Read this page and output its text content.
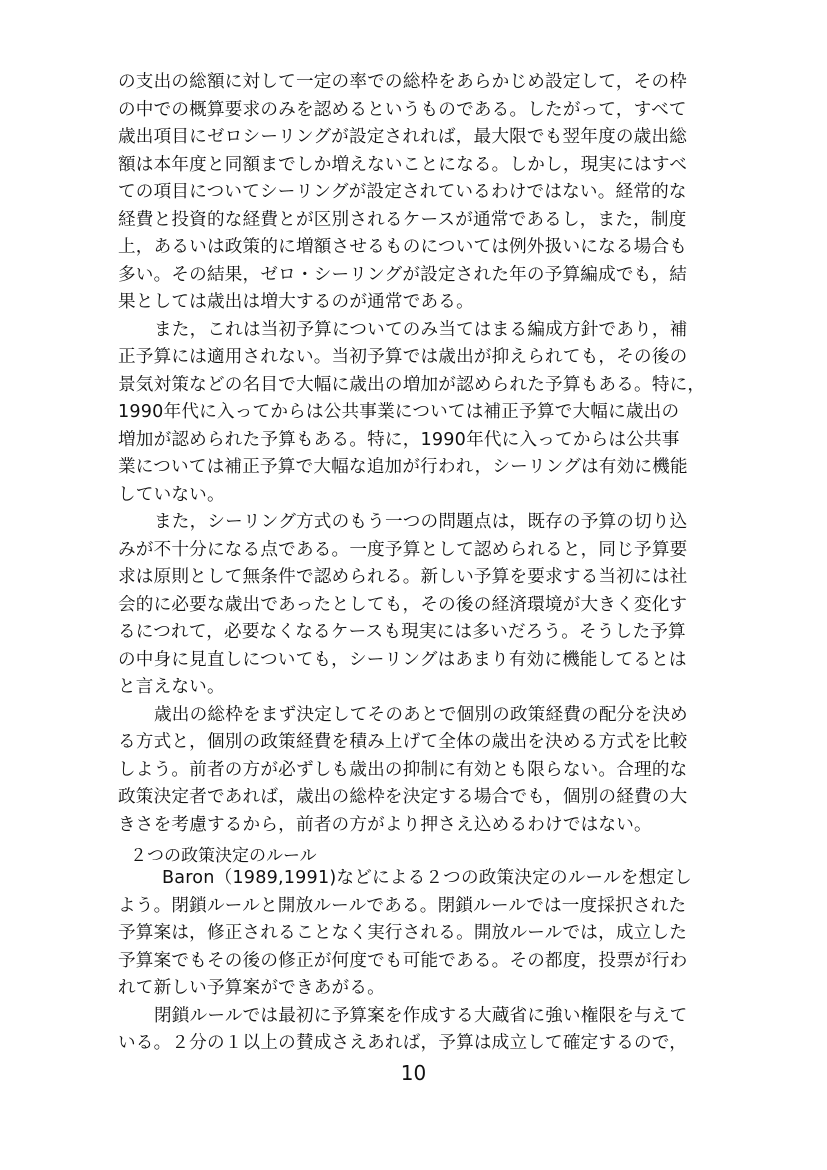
の支出の総額に対して一定の率での総枠をあらかじめ設定して，その枠
の中での概算要求のみを認めるというものである。したがって，すべて
歳出項目にゼロシーリングが設定されれば，最大限でも翌年度の歳出総
額は本年度と同額までしか増えないことになる。しかし，現実にはすべ
ての項目についてシーリングが設定されているわけではない。経常的な
経費と投資的な経費とが区別されるケースが通常であるし，また，制度
上，あるいは政策的に増額させるものについては例外扱いになる場合も
多い。その結果，ゼロ・シーリングが設定された年の予算編成でも，結
果としては歳出は増大するのが通常である。
また，これは当初予算についてのみ当てはまる編成方針であり，補
正予算には適用されない。当初予算では歳出が抑えられても，その後の
景気対策などの名目で大幅に歳出の増加が認められた予算もある。特に，
1990年代に入ってからは公共事業については補正予算で大幅に歳出の
増加が認められた予算もある。特に，1990年代に入ってからは公共事
業については補正予算で大幅な追加が行われ，シーリングは有効に機能
していない。
また，シーリング方式のもう一つの問題点は，既存の予算の切り込
みが不十分になる点である。一度予算として認められると，同じ予算要
求は原則として無条件で認められる。新しい予算を要求する当初には社
会的に必要な歳出であったとしても，その後の経済環境が大きく変化す
るにつれて，必要なくなるケースも現実には多いだろう。そうした予算
の中身に見直しについても，シーリングはあまり有効に機能してるとは
と言えない。
歳出の総枠をまず決定してそのあとで個別の政策経費の配分を決め
る方式と，個別の政策経費を積み上げて全体の歳出を決める方式を比較
しよう。前者の方が必ずしも歳出の抑制に有効とも限らない。合理的な
政策決定者であれば，歳出の総枠を決定する場合でも，個別の経費の大
きさを考慮するから，前者の方がより押さえ込めるわけではない。
２つの政策決定のルール
Baron（1989,1991)などによる２つの政策決定のルールを想定し
よう。閉鎖ルールと開放ルールである。閉鎖ルールでは一度採択された
予算案は，修正されることなく実行される。開放ルールでは，成立した
予算案でもその後の修正が何度でも可能である。その都度，投票が行わ
れて新しい予算案ができあがる。
閉鎖ルールでは最初に予算案を作成する大蔵省に強い権限を与えて
いる。２分の１以上の賛成さえあれば，予算は成立して確定するので，
10
